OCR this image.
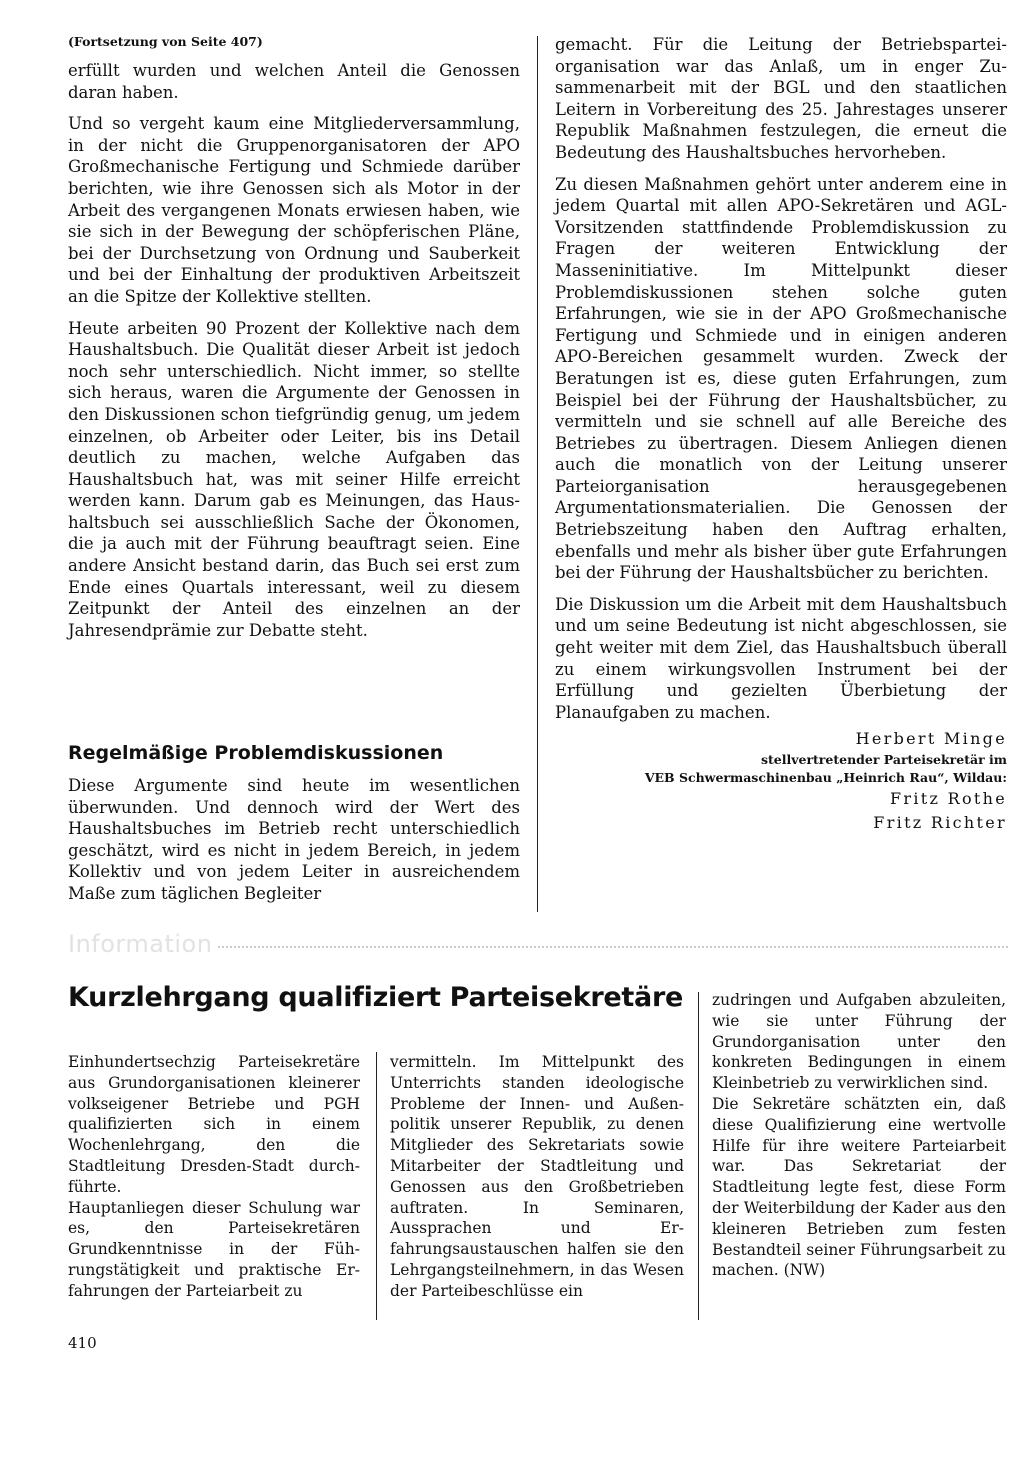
(Fortsetzung von Seite 407)

erfüllt wurden und welchen Anteil die Genossen daran haben.

Und so vergeht kaum eine Mitgliederversammlung, in der nicht die Gruppenorganisatoren der APO Großmechanische Fertigung und Schmiede darüber berichten, wie ihre Genossen sich als Motor in der Arbeit des vergangenen Monats erwiesen haben, wie sie sich in der Bewegung der schöpferischen Pläne, bei der Durchsetzung von Ordnung und Sauberkeit und bei der Einhaltung der produktiven Arbeitszeit an die Spitze der Kollektive stellten.

Heute arbeiten 90 Prozent der Kollektive nach dem Haushaltsbuch. Die Qualität dieser Arbeit ist jedoch noch sehr unterschiedlich. Nicht immer, so stellte sich heraus, waren die Argumente der Genossen in den Diskussionen schon tiefgründig genug, um jedem einzelnen, ob Arbeiter oder Leiter, bis ins Detail deutlich zu machen, welche Aufgaben das Haushaltsbuch hat, was mit seiner Hilfe erreicht werden kann. Darum gab es Meinungen, das Haushaltsbuch sei ausschließlich Sache der Ökonomen, die ja auch mit der Führung beauftragt seien. Eine andere Ansicht bestand darin, das Buch sei erst zum Ende eines Quartals interessant, weil zu diesem Zeitpunkt der Anteil des einzelnen an der Jahresendprämie zur Debatte steht.

Regelmäßige Problemdiskussionen

Diese Argumente sind heute im wesentlichen überwunden. Und dennoch wird der Wert des Haushaltsbuches im Betrieb recht unterschiedlich geschätzt, wird es nicht in jedem Bereich, in jedem Kollektiv und von jedem Leiter in ausreichendem Maße zum täglichen Begleiter

gemacht. Für die Leitung der Betriebsparteiorganisation war das Anlaß, um in enger Zusammenarbeit mit der BGL und den staatlichen Leitern in Vorbereitung des 25. Jahrestages unserer Republik Maßnahmen festzulegen, die erneut die Bedeutung des Haushaltsbuches hervorheben.

Zu diesen Maßnahmen gehört unter anderem eine in jedem Quartal mit allen APO-Sekretären und AGL-Vorsitzenden stattfindende Problemdiskussion zu Fragen der weiteren Entwicklung der Masseninitiative. Im Mittelpunkt dieser Problemdiskussionen stehen solche guten Erfahrungen, wie sie in der APO Großmechanische Fertigung und Schmiede und in einigen anderen APO-Bereichen gesammelt wurden. Zweck der Beratungen ist es, diese guten Erfahrungen, zum Beispiel bei der Führung der Haushaltsbücher, zu vermitteln und sie schnell auf alle Bereiche des Betriebes zu übertragen. Diesem Anliegen dienen auch die monatlich von der Leitung unserer Parteiorganisation herausgegebenen Argumentationsmaterialien. Die Genossen der Betriebszeitung haben den Auftrag erhalten, ebenfalls und mehr als bisher über gute Erfahrungen bei der Führung der Haushaltsbücher zu berichten.

Die Diskussion um die Arbeit mit dem Haushaltsbuch und um seine Bedeutung ist nicht abgeschlossen, sie geht weiter mit dem Ziel, das Haushaltsbuch überall zu einem wirkungsvollen Instrument bei der Erfüllung und gezielten Überbietung der Planaufgaben zu machen.

Herbert Minge

stellvertretender Parteisekretär im

VEB Schwermaschinenbau „Heinrich Rau“, Wildau:

Fritz Rothe

Fritz Richter

Information
Kurzlehrgang qualifiziert Parteisekretäre

Einhundertsechzig Parteisekretäre aus Grundorganisationen kleinerer volkseigener Betriebe und PGH qualifizierten sich in einem Wochenlehrgang, den die Stadtleitung Dresden-Stadt durchführte.

Hauptanliegen dieser Schulung war es, den Parteisekretären Grundkenntnisse in der Führungstätigkeit und praktische Erfahrungen der Parteiarbeit zu

vermitteln. Im Mittelpunkt des Unterrichts standen ideologische Probleme der Innen- und Außenpolitik unserer Republik, zu denen Mitglieder des Sekretariats sowie Mitarbeiter der Stadtleitung und Genossen aus den Großbetrieben auftraten. In Seminaren, Aussprachen und Erfahrungsaustauschen halfen sie den Lehrgangsteilnehmern, in das Wesen der Parteibeschlüsse ein

zudringen und Aufgaben abzuleiten, wie sie unter Führung der Grundorganisation unter den konkreten Bedingungen in einem Kleinbetrieb zu verwirklichen sind.

Die Sekretäre schätzten ein, daß diese Qualifizierung eine wertvolle Hilfe für ihre weitere Parteiarbeit war. Das Sekretariat der Stadtleitung legte fest, diese Form der Weiterbildung der Kader aus den kleineren Betrieben zum festen Bestandteil seiner Führungsarbeit zu machen. (NW)

410
